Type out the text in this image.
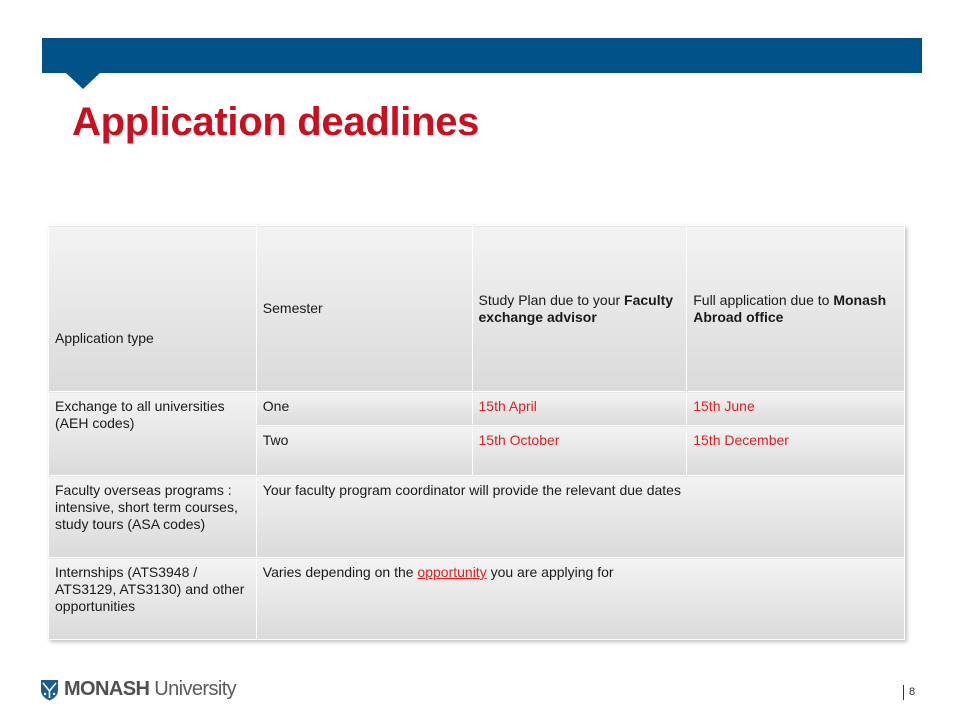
Application deadlines
Application type	Semester	Study Plan due to your Faculty exchange advisor	Full application due to Monash Abroad office
Exchange to all universities (AEH codes)	One	15th April	15th June
	Two	15th October	15th December
Faculty overseas programs : intensive, short term courses, study tours (ASA codes)	Your faculty program coordinator will provide the relevant due dates		
Internships (ATS3948 / ATS3129, ATS3130) and other opportunities	Varies depending on the opportunity you are applying for		
MONASH University	8
